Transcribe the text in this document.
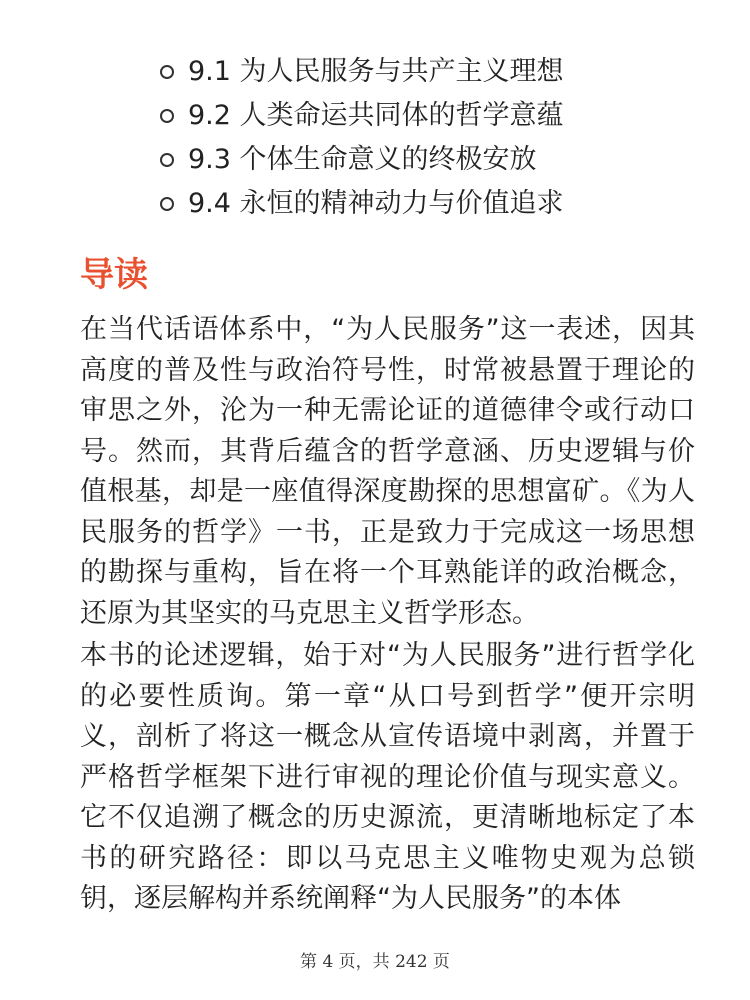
9.1 为人民服务与共产主义理想
9.2 人类命运共同体的哲学意蕴
9.3 个体生命意义的终极安放
9.4 永恒的精神动力与价值追求
导读

在当代话语体系中，“为人民服务”这一表述，因其高度的普及性与政治符号性，时常被悬置于理论的审思之外，沦为一种无需论证的道德律令或行动口号。然而，其背后蕴含的哲学意涵、历史逻辑与价值根基，却是一座值得深度勘探的思想富矿。《为人民服务的哲学》一书，正是致力于完成这一场思想的勘探与重构，旨在将一个耳熟能详的政治概念，还原为其坚实的马克思主义哲学形态。

本书的论述逻辑，始于对“为人民服务”进行哲学化的必要性质询。第一章“从口号到哲学”便开宗明义，剖析了将这一概念从宣传语境中剥离，并置于严格哲学框架下进行审视的理论价值与现实意义。它不仅追溯了概念的历史源流，更清晰地标定了本书的研究路径：即以马克思主义唯物史观为总锁钥，逐层解构并系统阐释“为人民服务”的本体

第 4 页，共 242 页
